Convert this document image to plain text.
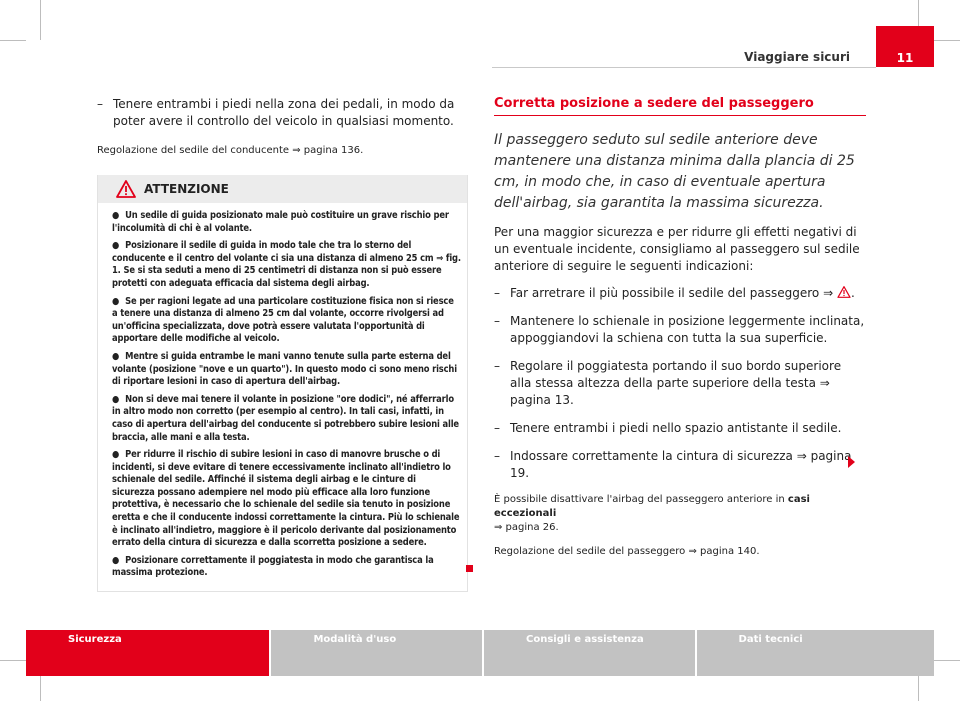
Viaggiare sicuri	11
– Tenere entrambi i piedi nella zona dei pedali, in modo da poter avere il controllo del veicolo in qualsiasi momento.
Regolazione del sedile del conducente ⇒ pagina 136.
ATTENZIONE

● Un sedile di guida posizionato male può costituire un grave rischio per l'incolumità di chi è al volante.

● Posizionare il sedile di guida in modo tale che tra lo sterno del conducente e il centro del volante ci sia una distanza di almeno 25 cm ⇒ fig. 1. Se si sta seduti a meno di 25 centimetri di distanza non si può essere protetti con adeguata efficacia dal sistema degli airbag.

● Se per ragioni legate ad una particolare costituzione fisica non si riesce a tenere una distanza di almeno 25 cm dal volante, occorre rivolgersi ad un'officina specializzata, dove potrà essere valutata l'opportunità di apportare delle modifiche al veicolo.

● Mentre si guida entrambe le mani vanno tenute sulla parte esterna del volante (posizione "nove e un quarto"). In questo modo ci sono meno rischi di riportare lesioni in caso di apertura dell'airbag.

● Non si deve mai tenere il volante in posizione "ore dodici", né afferrarlo in altro modo non corretto (per esempio al centro). In tali casi, infatti, in caso di apertura dell'airbag del conducente si potrebbero subire lesioni alle braccia, alle mani e alla testa.

● Per ridurre il rischio di subire lesioni in caso di manovre brusche o di incidenti, si deve evitare di tenere eccessivamente inclinato all'indietro lo schienale del sedile. Affinché il sistema degli airbag e le cinture di sicurezza possano adempiere nel modo più efficace alla loro funzione protettiva, è necessario che lo schienale del sedile sia tenuto in posizione eretta e che il conducente indossi correttamente la cintura. Più lo schienale è inclinato all'indietro, maggiore è il pericolo derivante dal posizionamento errato della cintura di sicurezza e dalla scorretta posizione a sedere.

● Posizionare correttamente il poggiatesta in modo che garantisca la massima protezione.

Corretta posizione a sedere del passeggero
Il passeggero seduto sul sedile anteriore deve mantenere una distanza minima dalla plancia di 25 cm, in modo che, in caso di eventuale apertura dell'airbag, sia garantita la massima sicurezza.

Per una maggior sicurezza e per ridurre gli effetti negativi di un eventuale incidente, consigliamo al passeggero sul sedile anteriore di seguire le seguenti indicazioni:

– Far arretrare il più possibile il sedile del passeggero ⇒ .
– Mantenere lo schienale in posizione leggermente inclinata, appoggiandovi la schiena con tutta la sua superficie.
– Regolare il poggiatesta portando il suo bordo superiore alla stessa altezza della parte superiore della testa ⇒ pagina 13.
– Tenere entrambi i piedi nello spazio antistante il sedile.
– Indossare correttamente la cintura di sicurezza ⇒ pagina 19.
È possibile disattivare l'airbag del passeggero anteriore in casi eccezionali
⇒ pagina 26.
Regolazione del sedile del passeggero ⇒ pagina 140.
Sicurezza	Modalità d'uso	Consigli e assistenza	Dati tecnici
